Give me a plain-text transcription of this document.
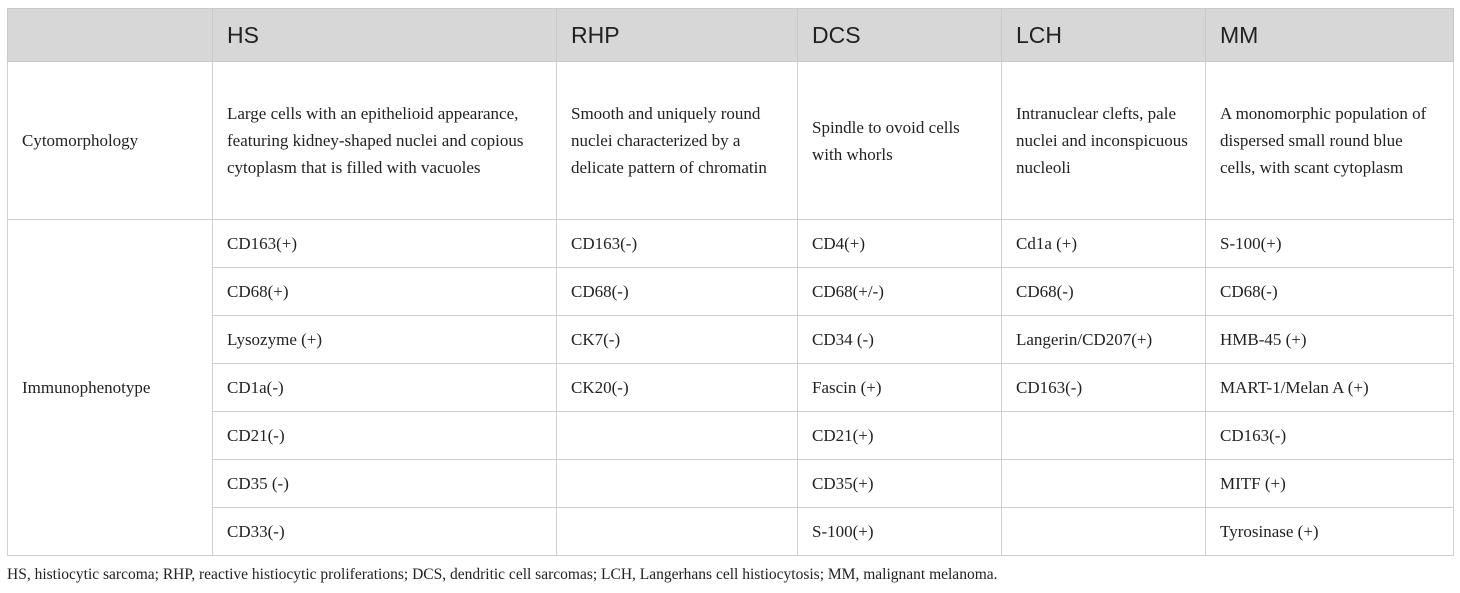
	HS	RHP	DCS	LCH	MM
Cytomorphology	Large cells with an epithelioid appearance, featuring kidney-shaped nuclei and copious cytoplasm that is filled with vacuoles	Smooth and uniquely round nuclei characterized by a delicate pattern of chromatin	Spindle to ovoid cells with whorls	Intranuclear clefts, pale nuclei and inconspicuous nucleoli	A monomorphic population of dispersed small round blue cells, with scant cytoplasm
Immunophenotype	CD163(+)	CD163(-)	CD4(+)	Cd1a (+)	S-100(+)
	CD68(+)	CD68(-)	CD68(+/-)	CD68(-)	CD68(-)
	Lysozyme (+)	CK7(-)	CD34 (-)	Langerin/CD207(+)	HMB-45 (+)
	CD1a(-)	CK20(-)	Fascin (+)	CD163(-)	MART-1/Melan A (+)
	CD21(-)		CD21(+)		CD163(-)
	CD35 (-)		CD35(+)		MITF (+)
	CD33(-)		S-100(+)		Tyrosinase (+)
HS, histiocytic sarcoma; RHP, reactive histiocytic proliferations; DCS, dendritic cell sarcomas; LCH, Langerhans cell histiocytosis; MM, malignant melanoma.
